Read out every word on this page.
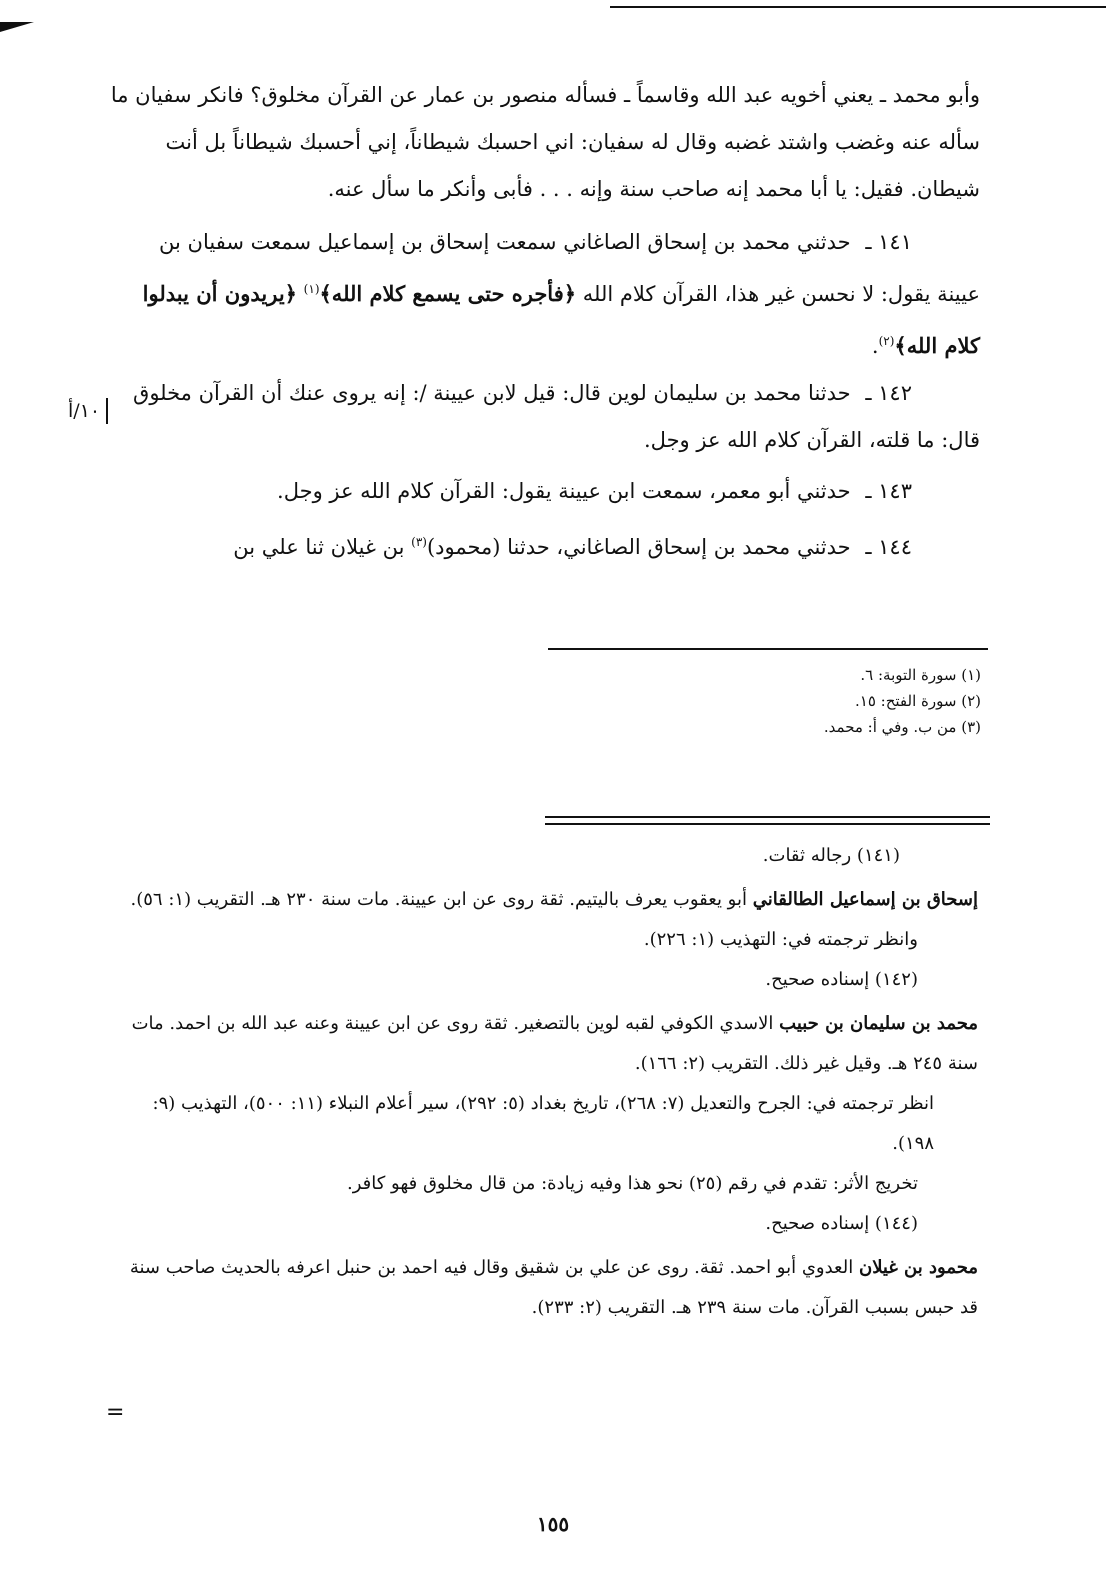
وأبو محمد ـ يعني أخويه عبد الله وقاسماً ـ فسأله منصور بن عمار عن القرآن مخلوق؟ فانكر سفيان ما سأله عنه وغضب واشتد غضبه وقال له سفيان: اني احسبك شيطاناً، إني أحسبك شيطاناً بل أنت شيطان. فقيل: يا أبا محمد إنه صاحب سنة وإنه . . . فأبى وأنكر ما سأل عنه.

١٤١ ـ حدثني محمد بن إسحاق الصاغاني سمعت إسحاق بن إسماعيل سمعت سفيان بن عيينة يقول: لا نحسن غير هذا، القرآن كلام الله ﴿فأجره حتى يسمع كلام الله﴾$^{(١)}$ ﴿يريدون أن يبدلوا كلام الله﴾$^{(٢)}$.

١٤٢ ـ حدثنا محمد بن سليمان لوين قال: قيل لابن عيينة /: إنه يروى عنك أن القرآن مخلوق قال: ما قلته، القرآن كلام الله عز وجل.

١٤٣ ـ حدثني أبو معمر، سمعت ابن عيينة يقول: القرآن كلام الله عز وجل.

١٤٤ ـ حدثني محمد بن إسحاق الصاغاني، حدثنا (محمود)$^{(٣)}$ بن غيلان ثنا علي بن

١٠/أ

(١) سورة التوبة: ٦.

(٢) سورة الفتح: ١٥.

(٣) من ب. وفي أ: محمد.

(١٤١) رجاله ثقات.

إسحاق بن إسماعيل الطالقاني أبو يعقوب يعرف باليتيم. ثقة روى عن ابن عيينة. مات سنة ٢٣٠ هـ. التقريب (١: ٥٦).

وانظر ترجمته في: التهذيب (١: ٢٢٦).

(١٤٢) إسناده صحيح.

محمد بن سليمان بن حبيب الاسدي الكوفي لقبه لوين بالتصغير. ثقة روى عن ابن عيينة وعنه عبد الله بن احمد. مات سنة ٢٤٥ هـ. وقيل غير ذلك. التقريب (٢: ١٦٦).

انظر ترجمته في: الجرح والتعديل (٧: ٢٦٨)، تاريخ بغداد (٥: ٢٩٢)، سير أعلام النبلاء (١١: ٥٠٠)، التهذيب (٩: ١٩٨).

تخريج الأثر: تقدم في رقم (٢٥) نحو هذا وفيه زيادة: من قال مخلوق فهو كافر.

(١٤٤) إسناده صحيح.

محمود بن غيلان العدوي أبو احمد. ثقة. روى عن علي بن شقيق وقال فيه احمد بن حنبل اعرفه بالحديث صاحب سنة قد حبس بسبب القرآن. مات سنة ٢٣٩ هـ. التقريب (٢: ٢٣٣).

=
١٥٥
